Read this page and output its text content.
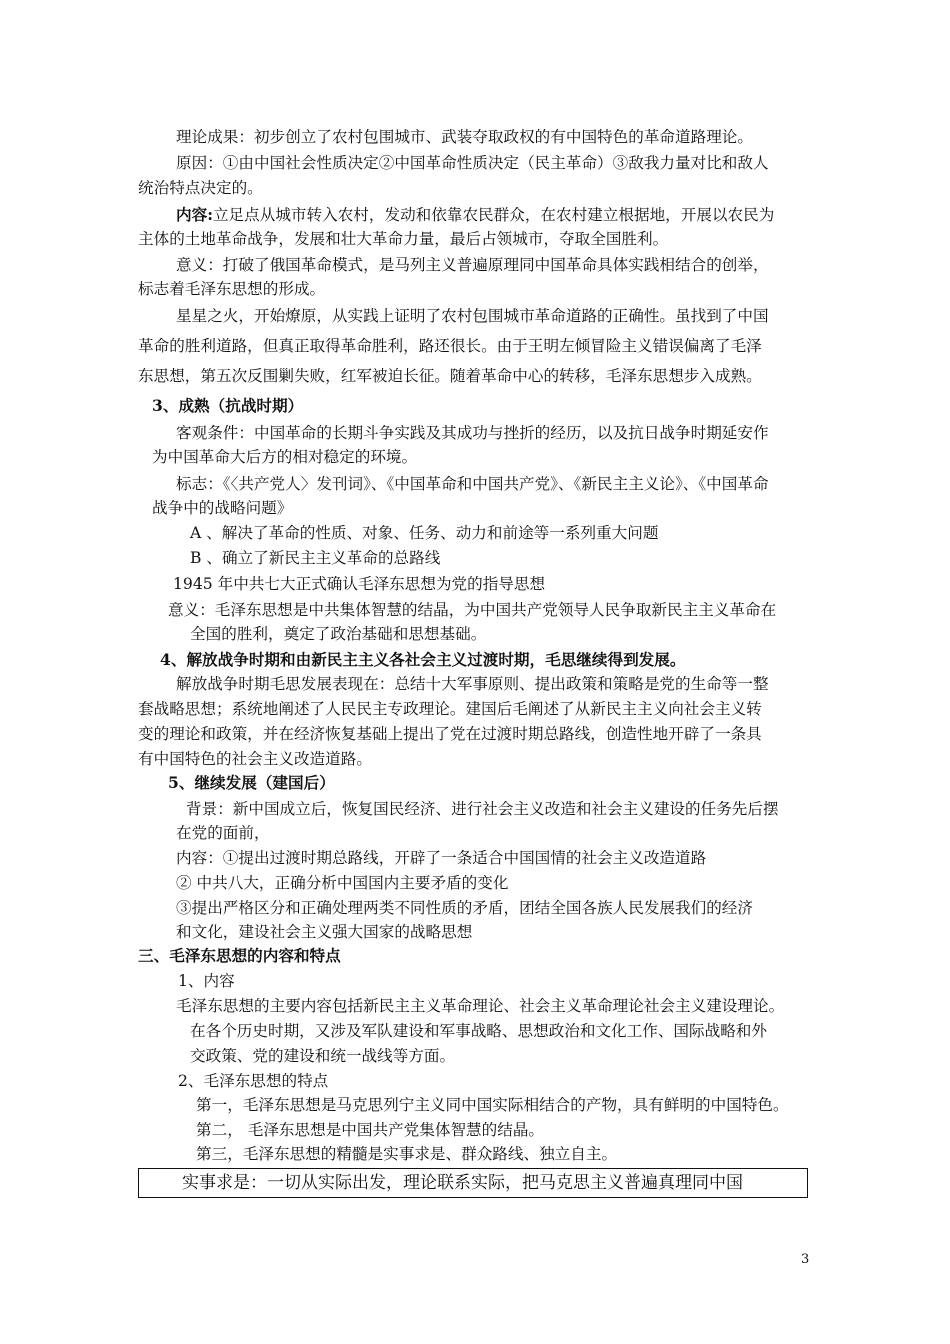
理论成果：初步创立了农村包围城市、武装夺取政权的有中国特色的革命道路理论。
原因：①由中国社会性质决定②中国革命性质决定（民主革命）③敌我力量对比和敌人
统治特点决定的。
内容:立足点从城市转入农村，发动和依靠农民群众，在农村建立根据地，开展以农民为
主体的土地革命战争，发展和壮大革命力量，最后占领城市，夺取全国胜利。
意义：打破了俄国革命模式，是马列主义普遍原理同中国革命具体实践相结合的创举，
标志着毛泽东思想的形成。
星星之火，开始燎原，从实践上证明了农村包围城市革命道路的正确性。虽找到了中国
革命的胜利道路，但真正取得革命胜利，路还很长。由于王明左倾冒险主义错误偏离了毛泽
东思想，第五次反围剿失败，红军被迫长征。随着革命中心的转移，毛泽东思想步入成熟。
3、成熟（抗战时期）
客观条件：中国革命的长期斗争实践及其成功与挫折的经历，以及抗日战争时期延安作
为中国革命大后方的相对稳定的环境。
标志：《〈共产党人〉发刊词》、《中国革命和中国共产党》、《新民主主义论》、《中国革命
战争中的战略问题》
A 、解决了革命的性质、对象、任务、动力和前途等一系列重大问题
B 、确立了新民主主义革命的总路线
1945 年中共七大正式确认毛泽东思想为党的指导思想
意义：毛泽东思想是中共集体智慧的结晶，为中国共产党领导人民争取新民主主义革命在
全国的胜利，奠定了政治基础和思想基础。
4、解放战争时期和由新民主主义各社会主义过渡时期，毛思继续得到发展。
解放战争时期毛思发展表现在：总结十大军事原则、提出政策和策略是党的生命等一整
套战略思想；系统地阐述了人民民主专政理论。建国后毛阐述了从新民主主义向社会主义转
变的理论和政策，并在经济恢复基础上提出了党在过渡时期总路线，创造性地开辟了一条具
有中国特色的社会主义改造道路。
5、继续发展（建国后）
背景：新中国成立后，恢复国民经济、进行社会主义改造和社会主义建设的任务先后摆
在党的面前，
内容：①提出过渡时期总路线，开辟了一条适合中国国情的社会主义改造道路
② 中共八大，正确分析中国国内主要矛盾的变化
③提出严格区分和正确处理两类不同性质的矛盾，团结全国各族人民发展我们的经济
和文化，建设社会主义强大国家的战略思想
三、毛泽东思想的内容和特点
1、内容
毛泽东思想的主要内容包括新民主主义革命理论、社会主义革命理论社会主义建设理论。
在各个历史时期，又涉及军队建设和军事战略、思想政治和文化工作、国际战略和外
交政策、党的建设和统一战线等方面。
2、毛泽东思想的特点
第一，毛泽东思想是马克思列宁主义同中国实际相结合的产物，具有鲜明的中国特色。
第二， 毛泽东思想是中国共产党集体智慧的结晶。
第三，毛泽东思想的精髓是实事求是、群众路线、独立自主。
实事求是：一切从实际出发，理论联系实际，把马克思主义普遍真理同中国
3
